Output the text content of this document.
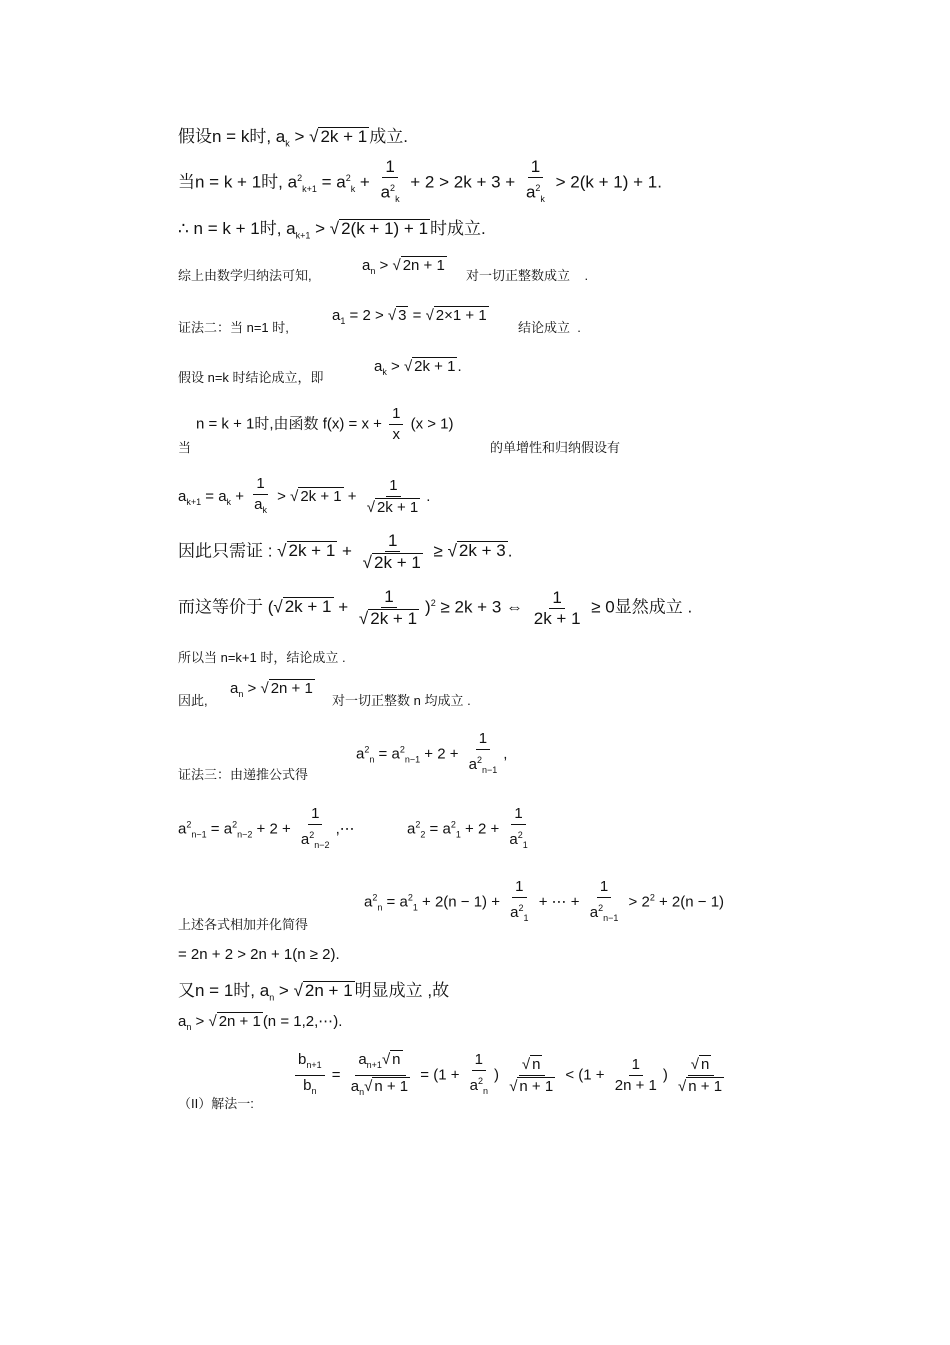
假设n = k时, $a_k$ > √ 2k + 1 成立.
当n = k + 1时, $a^2_{k+1} = a^2_k + \frac{1}{a^2_k} + 2 > 2k + 3 + \frac{1}{a^2_k} > 2(k + 1) + 1$.
∴ n = k + 1时, $a_{k+1}$ > √ 2(k + 1) + 1 时成立.
综上由数学归纳法可知,
$a_n$ > √ 2n + 1
对一切正整数成立    .
证法二：当 n=1 时,
$a_1 = 2$ > √ 3 = √ 2×1 + 1
结论成立  .
假设 n=k 时结论成立，即
$a_k$ > √ 2k + 1 .
当
n = k + 1时,由函数 $f(x) = x + \frac{1}{x} (x > 1)$
的单增性和归纳假设有
$a_{k+1} = a_k + \frac{1}{a_k}$ > √ $2k + 1 + \frac{1}{√ 2k + 1}$ .
因此只需证 : √ $2k + 1 + \frac{1}{√ 2k + 1}$ ≥ √ 2k + 3 .
而这等价于 (√ $2k + 1 + \frac{1}{√ 2k + 1} )^2 \ge 2k + 3$ ⇔ $\frac{1}{2k + 1} \ge 0$显然成立 .
所以当 n=k+1 时，结论成立 .
因此,
$a_n$ > √ 2n + 1
对一切正整数 n 均成立 .
$a^2_n = a^2_{n-1} + 2 + \frac{1}{a^2_{n-1}}$ ,
证法三：由递推公式得
$a^2_{n-1} = a^2_{n-2} + 2 + \frac{1}{a^2_{n-2}}$ ,⋯	$a^2_2 = a^2_1 + 2 + \frac{1}{a^2_1}$
$a^2_n = a^2_1 + 2(n - 1) + \frac{1}{a^2_1}$ + ⋯ + $\frac{1}{a^2_{n-1}} > 2^2 + 2(n - 1)$
上述各式相加并化简得
= 2n + 2 > 2n + 1(n ≥ 2).
又n = 1时, $a_n$ > √ 2n + 1 明显成立 ,故
$a_n$ > √ 2n + 1 (n = 1,2,⋯).
$\frac{b_{n+1}}{b_n} = \frac{a_{n+1}√ n}{a_n√ n + 1} = (1 + \frac{1}{a^2_n}$ ) $\frac{√ n}{√ n + 1} < (1 + \frac{1}{2n + 1}$ ) $\frac{√ n}{√ n + 1}$
（II）解法一:
